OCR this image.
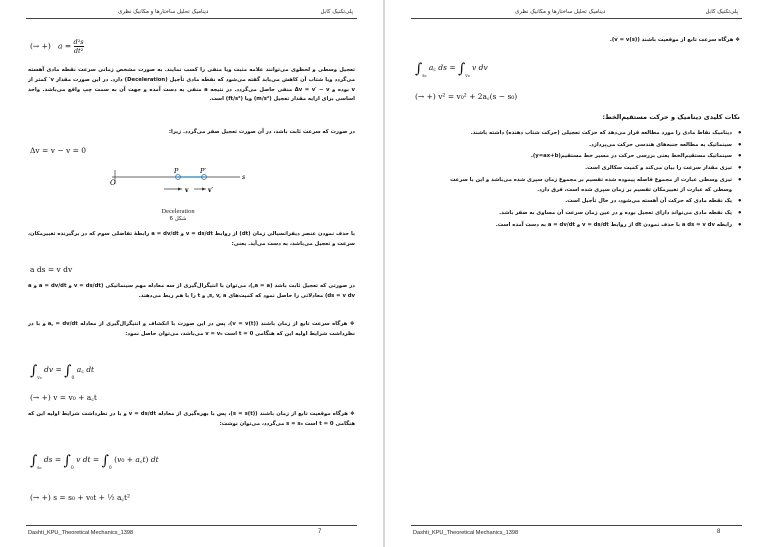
پلی‌تکنیک کابل
دینامیک تحلیل ساختارها و مکانیک نظری
(→ +) $a = \frac{\text{d²s}}{\text{dt²}}$
تعجیل وسطی و لحظوی می‌توانند علامه مثبت ویا منفی را کسب نمایند. به صورت مشخص زمانی سرعت نقطه مادی آهسته می‌گردد ویا شتاب آن کاهش می‌یابد گفته می‌شود که نقطه مادی تأجیل (Deceleration) دارد. در این صورت مقدار v′ کمتر از v بوده و Δv = v′ − v منفی حاصل می‌گردد. در نتیجه a منفی به دست آمده و جهت آن به سمت چپ واقع می‌باشد. واحد اساسی برای ارایه مقدار تعجیل (m/s²) ویا (ft/s²) است.
در صورت که سرعت ثابت باشد، در آن صورت تعجیل صفر می‌گردد. زیرا:
Δv = v − v = 0
O
P	P′
s
v	v′
Deceleration
شکل 6
با حذف نمودن عنصر دیفرانسیالی زمان (dt) از روابط v = ds/dt و a = dv/dt رابطهٔ تفاضلی سوم که در برگیرنده تغییرمکان، سرعت و تعجیل می‌باشد، به دست می‌آید. یعنی:
a ds = v dv
در صورتی که تعجیل ثابت باشد (a = a꜀)، می‌توان با انتیگرال‌گیری از سه معادله مهم سینماتیکی (v = ds/dt و a = dv/dt و a ds = v dv) معادلاتی را حاصل نمود که کمیت‌های s, v, a꜀ و t را با هم ربط می‌دهند.
❖ هرگاه سرعت تابع از زمان باشند (v = v(t))، پس در این صورت با انکشاف و انتیگرال‌گیری از معادله a꜀ = dv/dt و با در نظرداشت شرایط اولیه این که هنگامی 0 = t است v = v₀ می‌باشد، می‌توان حاصل نمود:
$\int_{v_0}$ dv = $\int_0$ a꜀ dt
(→ +) v = v₀ + a꜀t
❖ هرگاه موقعیت تابع از زمان باشند (s = s(t))، پس با بهره‌گیری از معادله v = ds/dt و با در نظرداشت شرایط اولیه این که هنگامی 0 = t است s = s₀ می‌گردد، می‌توان نوشت:
$\int_{s_0}$ ds = $\int_0$ v dt = $\int_0$ (v₀ + a꜀t) dt
(→ +) s = s₀ + v₀t + ½ a꜀t²
Dashti_KPU_Theoretical Mechanics_1398	7
پلی‌تکنیک کابل
دینامیک تحلیل ساختارها و مکانیک نظری
❖ هرگاه سرعت تابع از موقعیت باشند (v = v(s)).
$\int_{s_0}$ a꜀ ds = $\int_{v_0}$ v dv
(→ +) v² = v₀² + 2a꜀(s − s₀)
نکات کلیدی دینامیک و حرکت مستقیم‌الخط:
• دینامیک نقاط مادی را مورد مطالعه قرار می‌دهد که حرکت تعجیلی (حرکت شتاب دهنده) داشته باشند.
• سینماتیک به مطالعه جنبه‌های هندسی حرکت می‌پردازد.
• سینماتیک مستقیم‌الخط یعنی بررسی حرکت در مسیر خط مستقیم(y=ax+b).
• تیزی مقدار سرعت را بیان می‌کند و کمیت سکالری است.
• تیزی وسطی عبارت از مجموع فاصله پیموده شده تقسیم بر مجموع زمان سپری شده می‌باشد و این با سرعت وسطی که عبارت از تغییرمکان تقسیم بر زمان سپری شده است، فرق دارد.
• یک نقطه مادی که حرکت آن آهسته می‌شود، در حال تأجیل است.
• یک نقطه مادی می‌تواند دارای تعجیل بوده و در عین زمان سرعت آن مساوی به صفر باشد.
• رابطه a ds = v dv با حذف نمودن dt از روابط v = ds/dt و a = dv/dt به دست آمده است.
Dashti_KPU_Theoretical Mechanics_1398	8
